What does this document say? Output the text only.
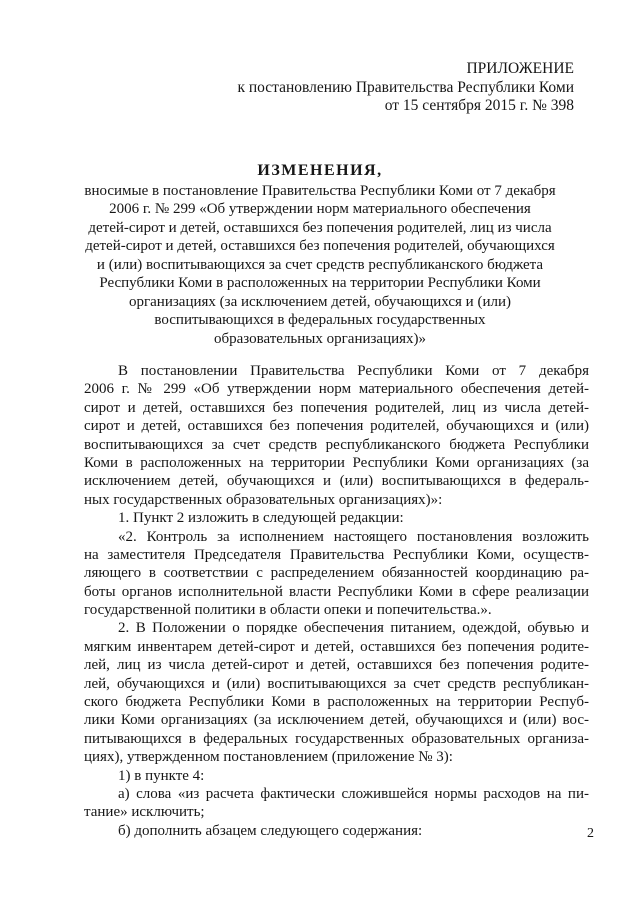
ПРИЛОЖЕНИЕ
к постановлению Правительства Республики Коми
от 15 сентября 2015 г. № 398
ИЗМЕНЕНИЯ,
вносимые в постановление Правительства Республики Коми от 7 декабря
2006 г. № 299 «Об утверждении норм материального обеспечения
детей-сирот и детей, оставшихся без попечения родителей, лиц из числа
детей-сирот и детей, оставшихся без попечения родителей, обучающихся
и (или) воспитывающихся за счет средств республиканского бюджета
Республики Коми в расположенных на территории Республики Коми
организациях (за исключением детей, обучающихся и (или)
воспитывающихся в федеральных государственных
образовательных организациях)»
В постановлении Правительства Республики Коми от 7 декабря
2006 г. № 299 «Об утверждении норм материального обеспечения детей-
сирот и детей, оставшихся без попечения родителей, лиц из числа детей-
сирот и детей, оставшихся без попечения родителей, обучающихся и (или)
воспитывающихся за счет средств республиканского бюджета Республики
Коми в расположенных на территории Республики Коми организациях (за
исключением детей, обучающихся и (или) воспитывающихся в федераль-
ных государственных образовательных организациях)»:
1. Пункт 2 изложить в следующей редакции:
«2. Контроль за исполнением настоящего постановления возложить
на заместителя Председателя Правительства Республики Коми, осуществ-
ляющего в соответствии с распределением обязанностей координацию ра-
боты органов исполнительной власти Республики Коми в сфере реализации
государственной политики в области опеки и попечительства.».
2. В Положении о порядке обеспечения питанием, одеждой, обувью и
мягким инвентарем детей-сирот и детей, оставшихся без попечения родите-
лей, лиц из числа детей-сирот и детей, оставшихся без попечения родите-
лей, обучающихся и (или) воспитывающихся за счет средств республикан-
ского бюджета Республики Коми в расположенных на территории Респуб-
лики Коми организациях (за исключением детей, обучающихся и (или) вос-
питывающихся в федеральных государственных образовательных организа-
циях), утвержденном постановлением (приложение № 3):
1) в пункте 4:
а) слова «из расчета фактически сложившейся нормы расходов на пи-
тание» исключить;
б) дополнить абзацем следующего содержания:	2
